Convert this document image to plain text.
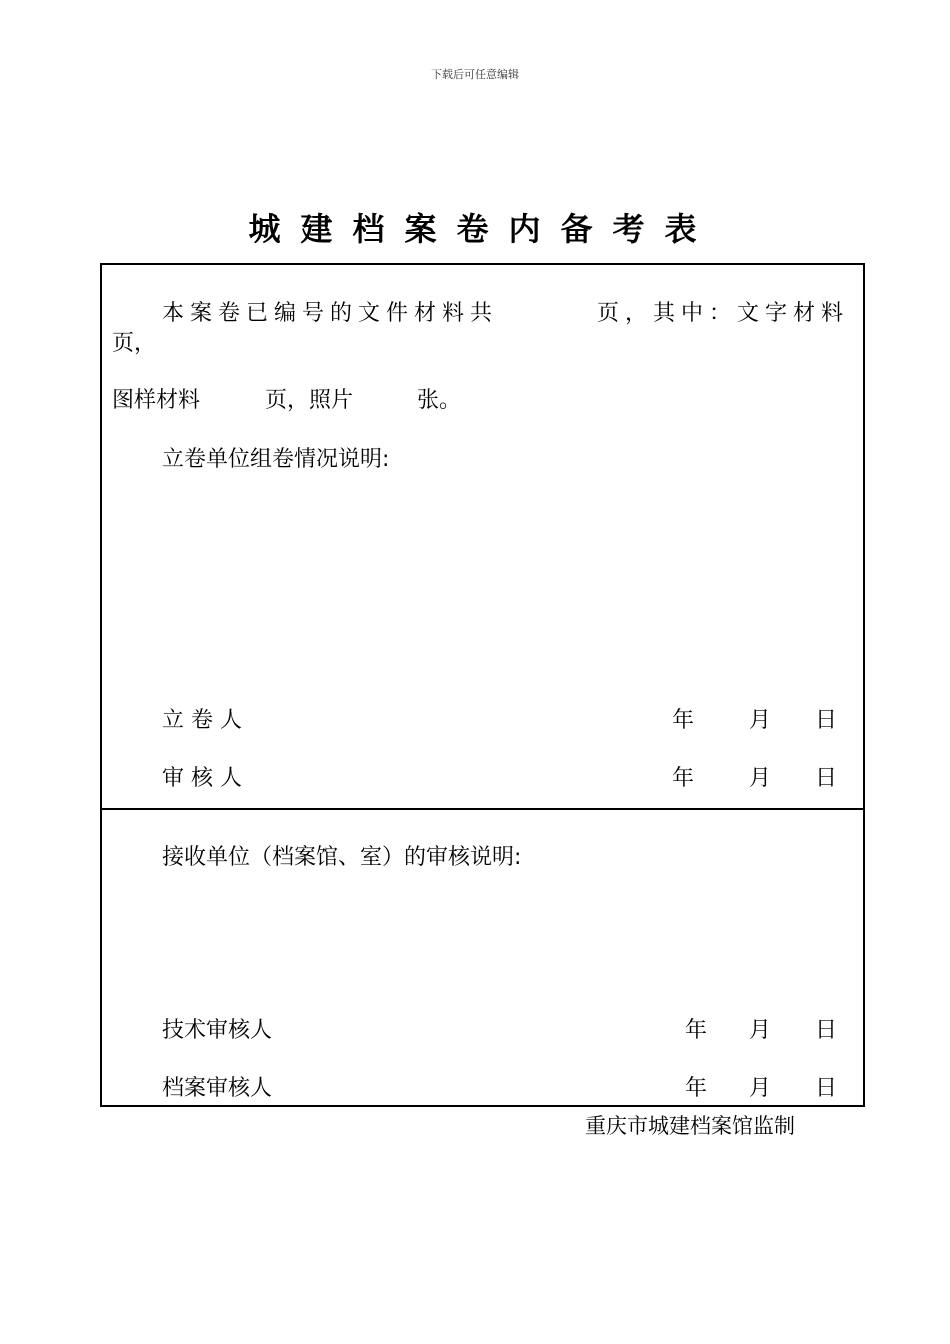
下载后可任意编辑
城建档案卷内备考表
本案卷已编号的文件材料共	页，其中：文字材料
页，
图样材料	页，照片	张。
立卷单位组卷情况说明:
立 卷 人	年 月 日
审 核 人	年 月 日
接收单位（档案馆、室）的审核说明:
技术审核人	年 月 日
档案审核人	年 月 日
重庆市城建档案馆监制
